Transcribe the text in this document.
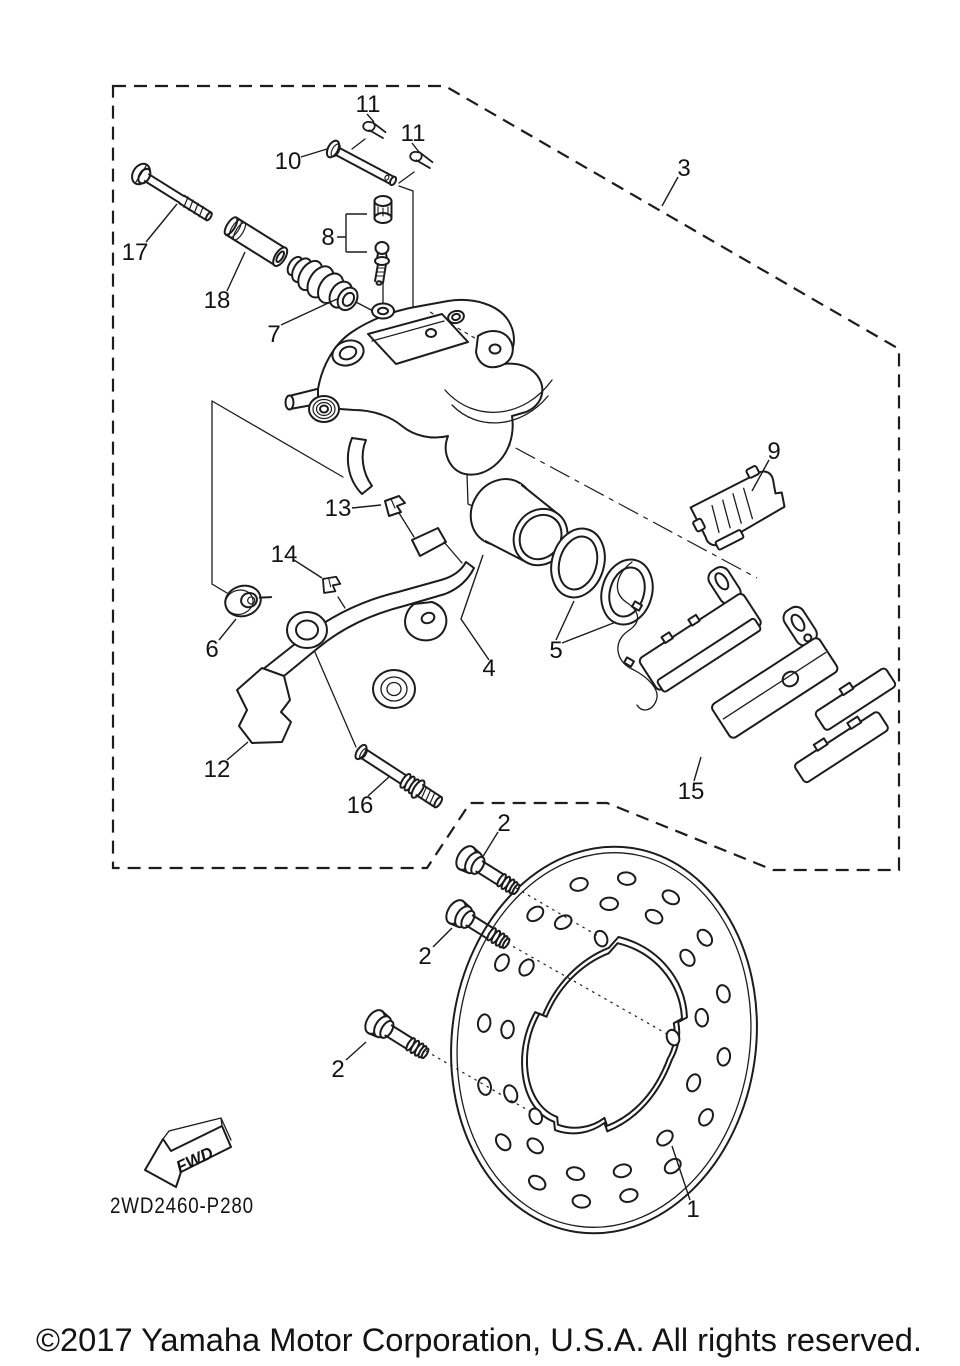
1
2
2
2
3
4
5
6
7
8
9
10
11
11
12
13
14
15
16
17
18
FWD
2WD2460-P280
©2017 Yamaha Motor Corporation, U.S.A. All rights reserved.
